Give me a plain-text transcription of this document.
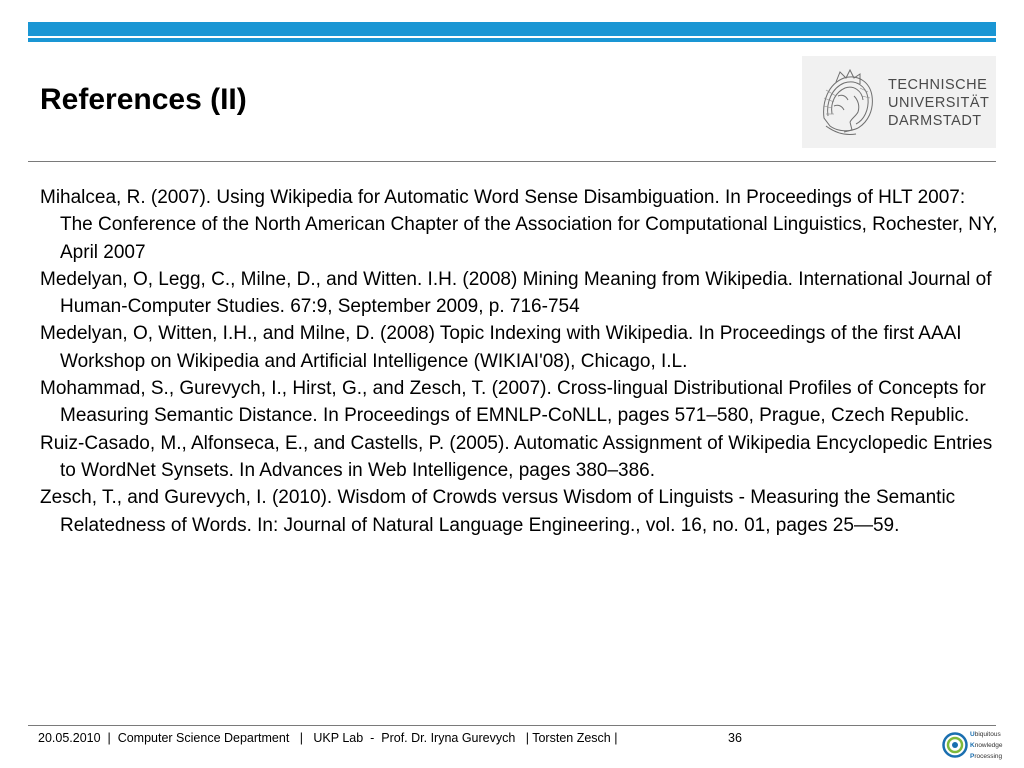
References (II)	TECHNISCHE
UNIVERSITÄT
DARMSTADT
Mihalcea, R. (2007). Using Wikipedia for Automatic Word Sense Disambiguation. In Proceedings of HLT 2007: The Conference of the North American Chapter of the Association for Computational Linguistics, Rochester, NY, April 2007
Medelyan, O, Legg, C., Milne, D., and Witten. I.H. (2008) Mining Meaning from Wikipedia. International Journal of Human-Computer Studies. 67:9, September 2009, p. 716-754
Medelyan, O, Witten, I.H., and Milne, D. (2008) Topic Indexing with Wikipedia. In Proceedings of the first AAAI Workshop on Wikipedia and Artificial Intelligence (WIKIAI'08), Chicago, I.L.
Mohammad, S., Gurevych, I., Hirst, G., and Zesch, T. (2007). Cross-lingual Distributional Profiles of Concepts for Measuring Semantic Distance. In Proceedings of EMNLP-CoNLL, pages 571–580, Prague, Czech Republic.
Ruiz-Casado, M., Alfonseca, E., and Castells, P. (2005). Automatic Assignment of Wikipedia Encyclopedic Entries to WordNet Synsets. In Advances in Web Intelligence, pages 380–386.
Zesch, T., and Gurevych, I. (2010). Wisdom of Crowds versus Wisdom of Linguists - Measuring the Semantic Relatedness of Words. In: Journal of Natural Language Engineering., vol. 16, no. 01, pages 25—59.
20.05.2010  |  Computer Science Department   |   UKP Lab  -  Prof. Dr. Iryna Gurevych   | Torsten Zesch |	36	Ubiquitous
Knowledge
Processing
